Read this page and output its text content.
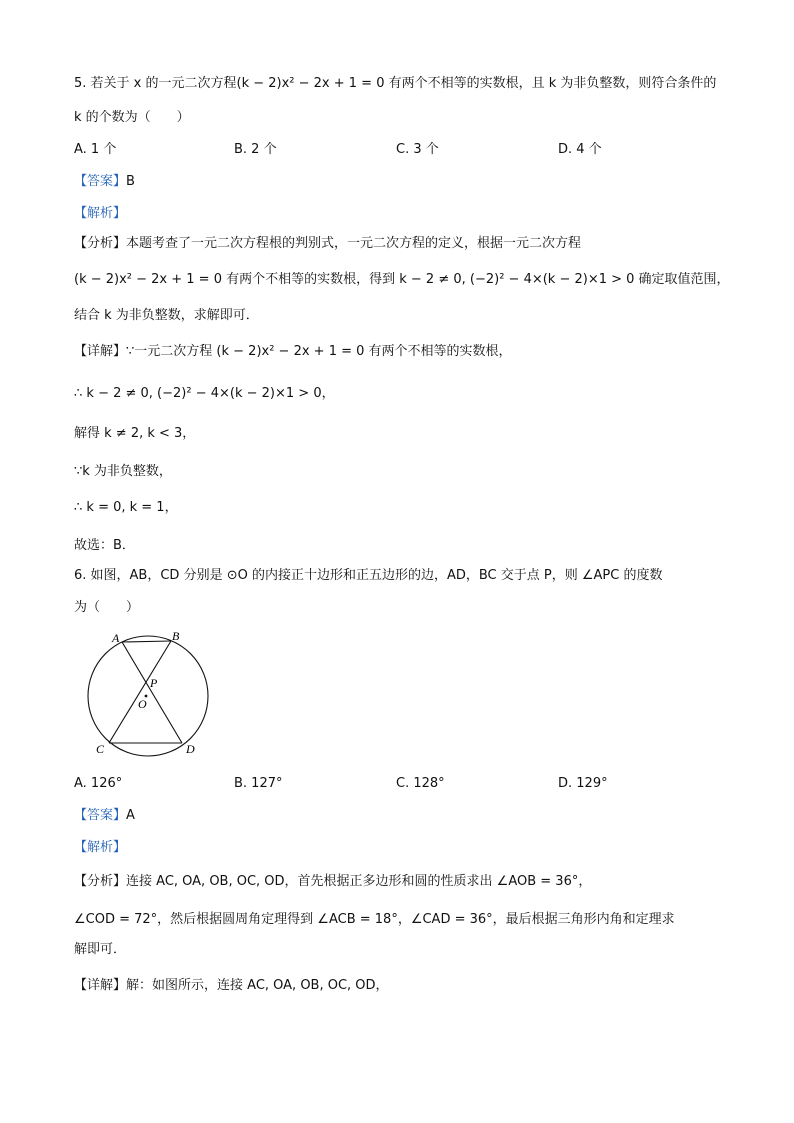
5. 若关于 x 的一元二次方程(k − 2)x² − 2x + 1 = 0 有两个不相等的实数根，且 k 为非负整数，则符合条件的
k 的个数为（　　）
A. 1 个	B. 2 个	C. 3 个	D. 4 个
【答案】B
【解析】
【分析】本题考查了一元二次方程根的判别式，一元二次方程的定义，根据一元二次方程
(k − 2)x² − 2x + 1 = 0 有两个不相等的实数根，得到 k − 2 ≠ 0, (−2)² − 4×(k − 2)×1 > 0 确定取值范围，
结合 k 为非负整数，求解即可．
【详解】∵一元二次方程 (k − 2)x² − 2x + 1 = 0 有两个不相等的实数根，
∴ k − 2 ≠ 0, (−2)² − 4×(k − 2)×1 > 0，
解得 k ≠ 2, k < 3，
∵k 为非负整数，
∴ k = 0, k = 1，
故选：B．
6. 如图，AB，CD 分别是 ⊙O 的内接正十边形和正五边形的边，AD，BC 交于点 P，则 ∠APC 的度数
为（　　）
A	B
C	D
P
O
A. 126°	B. 127°	C. 128°	D. 129°
【答案】A
【解析】
【分析】连接 AC, OA, OB, OC, OD，首先根据正多边形和圆的性质求出 ∠AOB = 36°，
∠COD = 72°，然后根据圆周角定理得到 ∠ACB = 18°，∠CAD = 36°，最后根据三角形内角和定理求
解即可．
【详解】解：如图所示，连接 AC, OA, OB, OC, OD，
